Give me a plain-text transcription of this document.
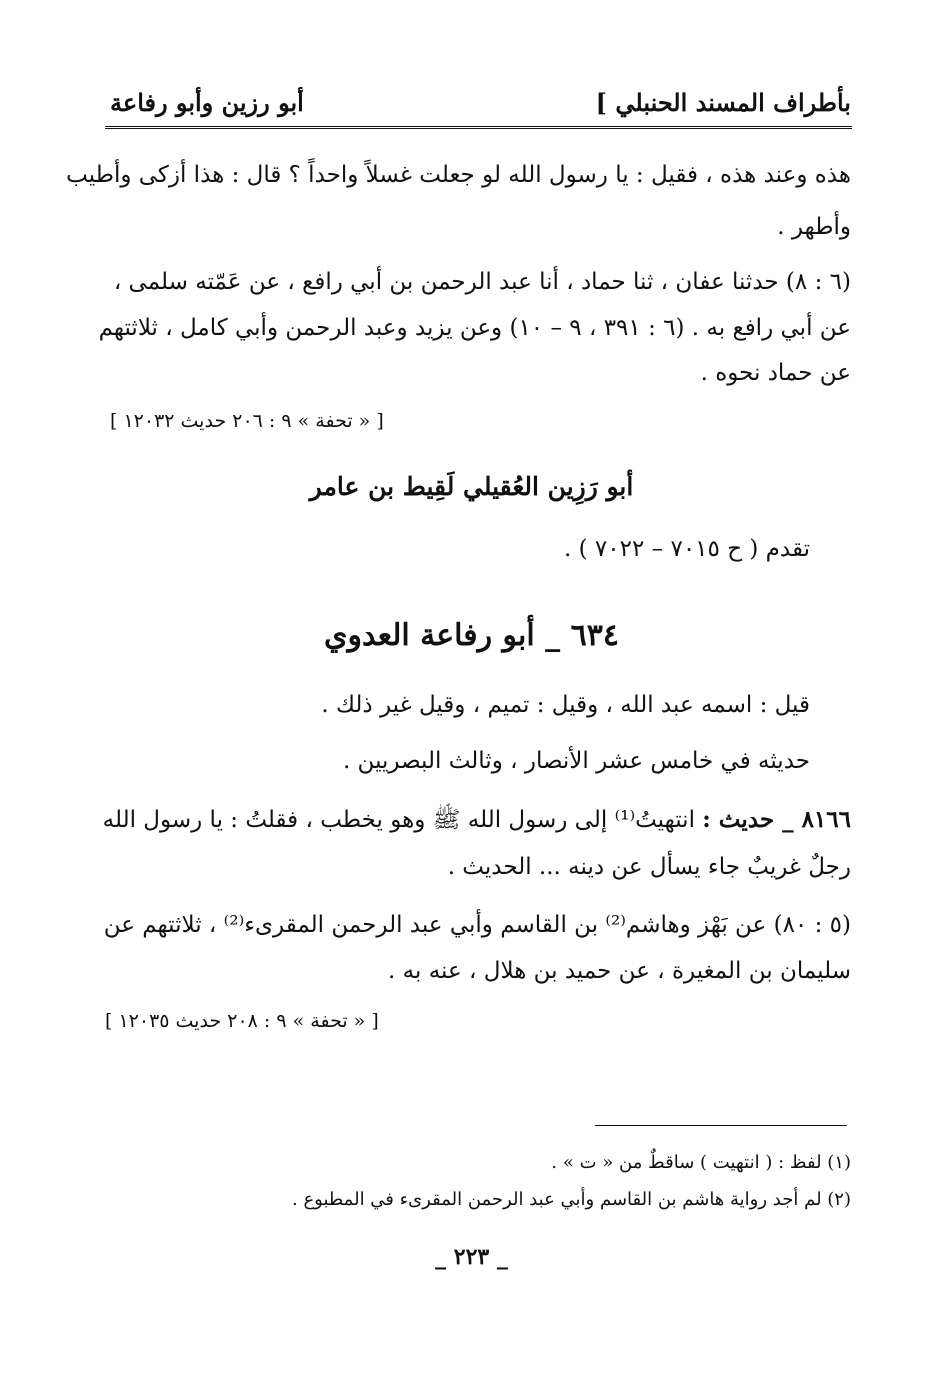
بأطراف المسند الحنبلي ]
أبو رزين وأبو رفاعة
هذه وعند هذه ، فقيل : يا رسول الله لو جعلت غسلاً واحداً ؟ قال : هذا أزكى وأطيب
وأطهر .
(٦ : ٨) حدثنا عفان ، ثنا حماد ، أنا عبد الرحمن بن أبي رافع ، عن عَمّته سلمى ،
عن أبي رافع به . (٦ : ٣٩١ ، ٩ – ١٠) وعن يزيد وعبد الرحمن وأبي كامل ، ثلاثتهم
عن حماد نحوه .
[ « تحفة » ٩ : ٢٠٦ حديث ١٢٠٣٢ ]
أبو رَزِين العُقيلي لَقِيط بن عامر
تقدم ( ح ٧٠١٥ – ٧٠٢٢ ) .
٦٣٤ _ أبو رفاعة العدوي
قيل : اسمه عبد الله ، وقيل : تميم ، وقيل غير ذلك .
حديثه في خامس عشر الأنصار ، وثالث البصريين .
٨١٦٦ _ حديث : انتهيتُ⁽¹⁾ إلى رسول الله ﷺ وهو يخطب ، فقلتُ : يا رسول الله
رجلٌ غريبٌ جاء يسأل عن دينه ... الحديث .
(٥ : ٨٠) عن بَهْز وهاشم⁽²⁾ بن القاسم وأبي عبد الرحمن المقرىء⁽²⁾ ، ثلاثتهم عن
سليمان بن المغيرة ، عن حميد بن هلال ، عنه به .
[ « تحفة » ٩ : ٢٠٨ حديث ١٢٠٣٥ ]
(١) لفظ : ( انتهيت ) ساقطٌ من « ت » .
(٢) لم أجد رواية هاشم بن القاسم وأبي عبد الرحمن المقرىء في المطبوع .
_ ٢٢٣ _
